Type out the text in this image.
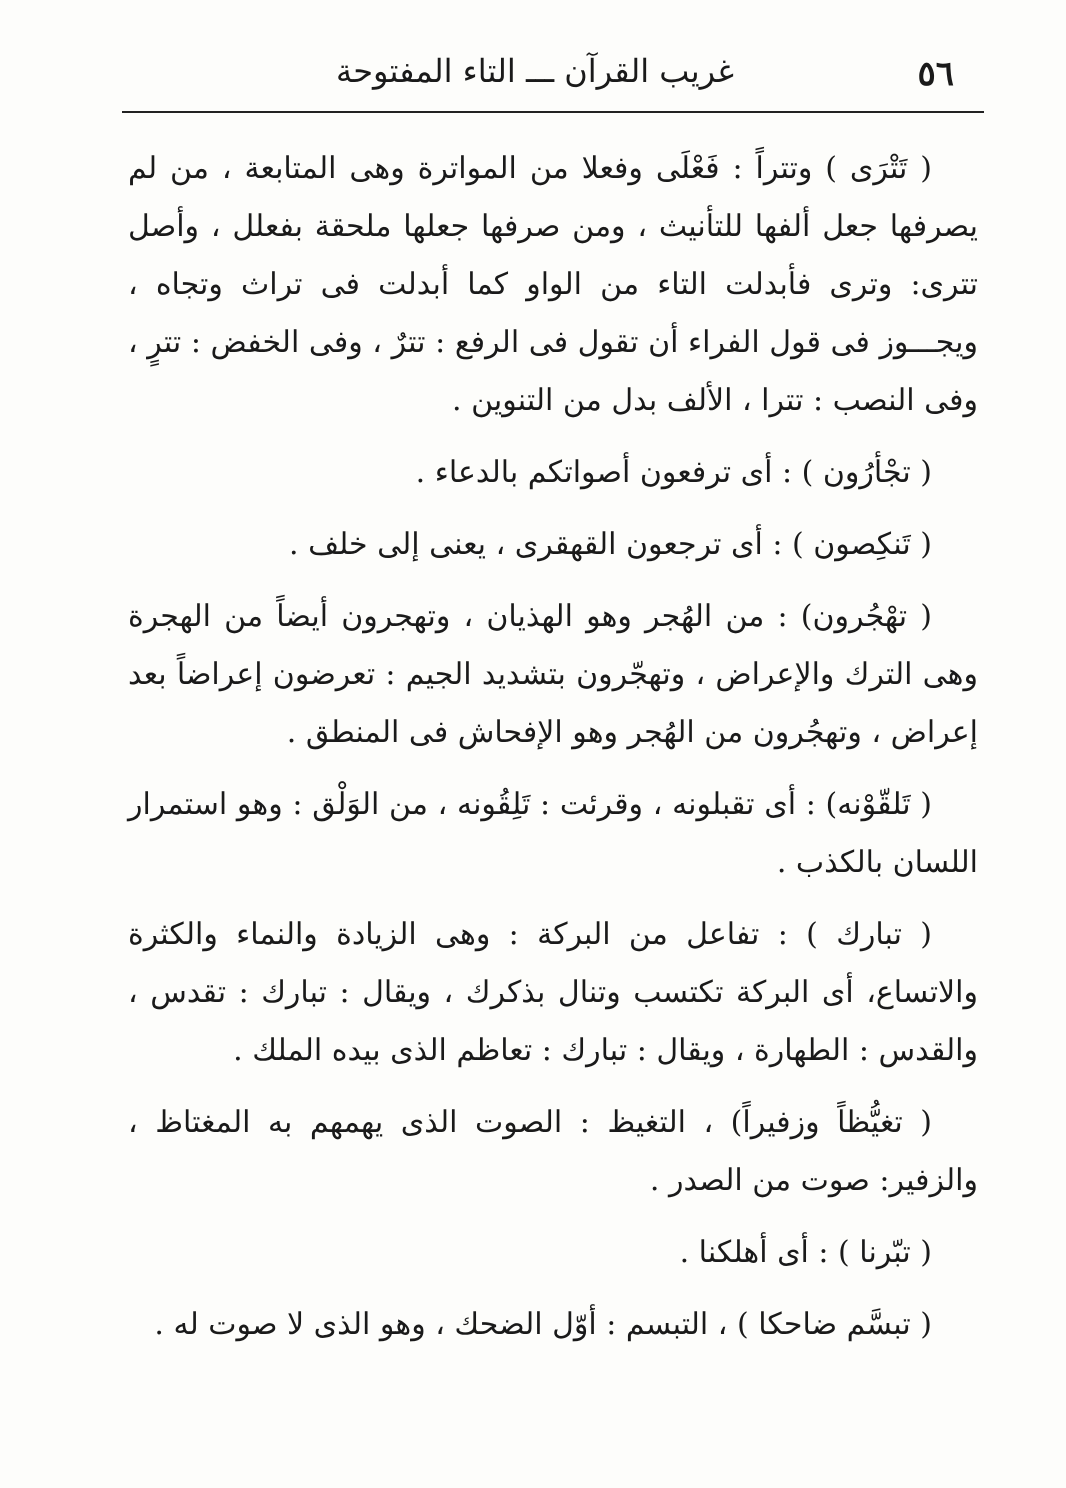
٥٦
غريب القرآن ـــ التاء المفتوحة

( تَتْرَى ) وتتراً : فَعْلَى وفعلا من المواترة وهى المتابعة ، من لم يصرفها جعل ألفها للتأنيث ، ومن صرفها جعلها ملحقة بفعلل ، وأصل تترى: وترى فأبدلت التاء من الواو كما أبدلت فى تراث وتجاه ، ويجـــوز فى قول الفراء أن تقول فى الرفع : تترٌ ، وفى الخفض : تترٍ ، وفى النصب : تترا ، الألف بدل من التنوين .

( تجْأرُون ) : أى ترفعون أصواتكم بالدعاء .

( تَنكِصون ) : أى ترجعون القهقرى ، يعنى إلى خلف .

( تهْجُرون) : من الهُجر وهو الهذيان ، وتهجرون أيضاً من الهجرة وهى الترك والإعراض ، وتهجّرون بتشديد الجيم : تعرضون إعراضاً بعد إعراض ، وتهجُرون من الهُجر وهو الإفحاش فى المنطق .

( تَلقّوْنه) : أى تقبلونه ، وقرئت : تَلِقُونه ، من الوَلْق : وهو استمرار اللسان بالكذب .

( تبارك ) : تفاعل من البركة : وهى الزيادة والنماء والكثرة والاتساع، أى البركة تكتسب وتنال بذكرك ، ويقال : تبارك : تقدس ، والقدس : الطهارة ، ويقال : تبارك : تعاظم الذى بيده الملك .

( تغيُّظاً وزفيراً) ، التغيظ : الصوت الذى يهمهم به المغتاظ ، والزفير: صوت من الصدر .

( تبّرنا ) : أى أهلكنا .

( تبسَّم ضاحكا ) ، التبسم : أوّل الضحك ، وهو الذى لا صوت له .
